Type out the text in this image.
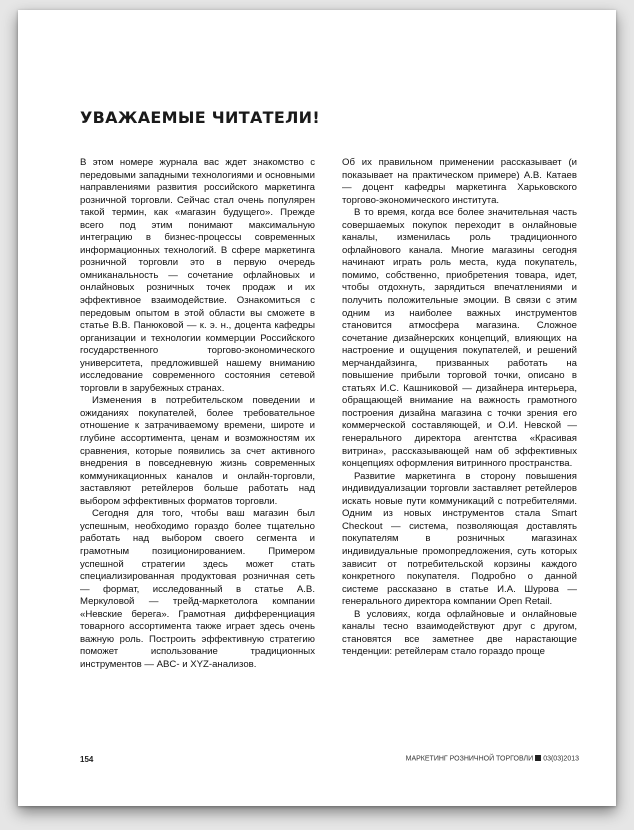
УВАЖАЕМЫЕ ЧИТАТЕЛИ!

В этом номере журнала вас ждет знакомство с передовыми западными технологиями и основными направлениями развития российского маркетинга розничной торговли. Сейчас стал очень популярен такой термин, как «магазин будущего». Прежде всего под этим понимают максимальную интеграцию в бизнес-процессы современных информационных технологий. В сфере маркетинга розничной торговли это в первую очередь омниканальность — сочетание офлайновых и онлайновых розничных точек продаж и их эффективное взаимодействие. Ознакомиться с передовым опытом в этой области вы сможете в статье В.В. Панюковой — к. э. н., доцента кафедры организации и технологии коммерции Российского государственного торгово-экономического университета, предложившей нашему вниманию исследование современного состояния сетевой торговли в зарубежных странах.

Изменения в потребительском поведении и ожиданиях покупателей, более требовательное отношение к затрачиваемому времени, широте и глубине ассортимента, ценам и возможностям их сравнения, которые появились за счет активного внедрения в повседневную жизнь современных коммуникационных каналов и онлайн-торговли, заставляют ретейлеров больше работать над выбором эффективных форматов торговли.

Сегодня для того, чтобы ваш магазин был успешным, необходимо гораздо более тщательно работать над выбором своего сегмента и грамотным позиционированием. Примером успешной стратегии здесь может стать специализированная продуктовая розничная сеть — формат, исследованный в статье А.В. Меркуловой — трейд-маркетолога компании «Невские берега». Грамотная дифференциация товарного ассортимента также играет здесь очень важную роль. Построить эффективную стратегию поможет использование традиционных инструментов — ABC- и XYZ-анализов.

Об их правильном применении рассказывает (и показывает на практическом примере) А.В. Катаев — доцент кафедры маркетинга Харьковского торгово-экономического института.

В то время, когда все более значительная часть совершаемых покупок переходит в онлайновые каналы, изменилась роль традиционного офлайнового канала. Многие магазины сегодня начинают играть роль места, куда покупатель, помимо, собственно, приобретения товара, идет, чтобы отдохнуть, зарядиться впечатлениями и получить положительные эмоции. В связи с этим одним из наиболее важных инструментов становится атмосфера магазина. Сложное сочетание дизайнерских концепций, влияющих на настроение и ощущения покупателей, и решений мерчандайзинга, призванных работать на повышение прибыли торговой точки, описано в статьях И.С. Кашниковой — дизайнера интерьера, обращающей внимание на важность грамотного построения дизайна магазина с точки зрения его коммерческой составляющей, и О.И. Невской — генерального директора агентства «Красивая витрина», рассказывающей нам об эффективных концепциях оформления витринного пространства.

Развитие маркетинга в сторону повышения индивидуализации торговли заставляет ретейлеров искать новые пути коммуникаций с потребителями. Одним из новых инструментов стала Smart Checkout — система, позволяющая доставлять покупателям в розничных магазинах индивидуальные промопредложения, суть которых зависит от потребительской корзины каждого конкретного покупателя. Подробно о данной системе рассказано в статье И.А. Шурова — генерального директора компании Open Retail.

В условиях, когда офлайновые и онлайновые каналы тесно взаимодействуют друг с другом, становятся все заметнее две нарастающие тенденции: ретейлерам стало гораздо проще

154	МАРКЕТИНГ РОЗНИЧНОЙ ТОРГОВЛИ 03(03)2013
